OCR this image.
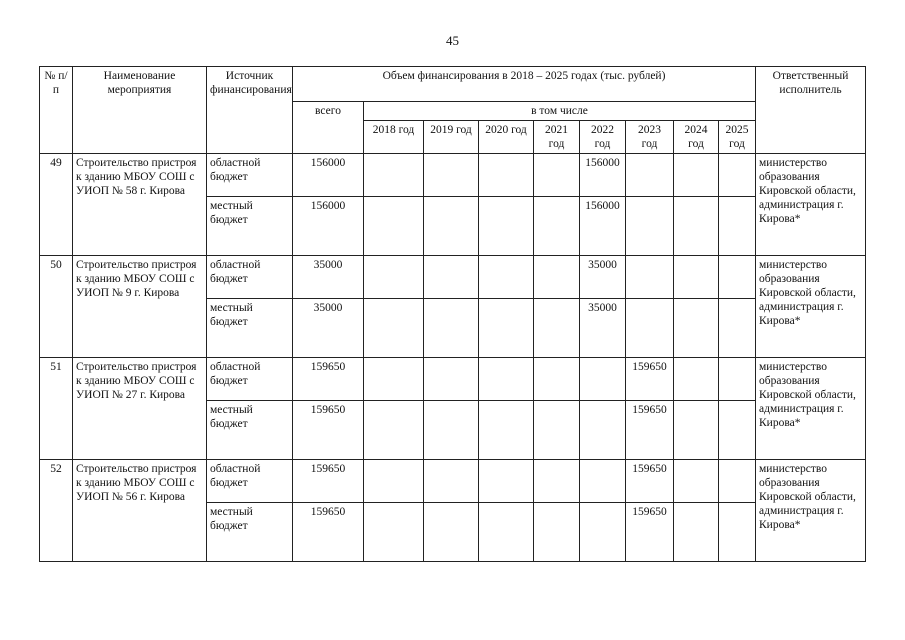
45
№ п/п	Наименование мероприятия	Источник финансирования	Объем финансирования в 2018 – 2025 годах (тыс. рублей)									Ответственный исполнитель
			всего	в том числе								
				2018 год	2019 год	2020 год	2021 год	2022 год	2023 год	2024 год	2025 год	
49	Строительство пристроя к зданию МБОУ СОШ с УИОП № 58 г. Кирова	областной бюджет	156000					156000				министерство образования Кировской области, администрация г. Кирова*
		местный бюджет	156000					156000				
50	Строительство пристроя к зданию МБОУ СОШ с УИОП № 9 г. Кирова	областной бюджет	35000					35000				министерство образования Кировской области, администрация г. Кирова*
		местный бюджет	35000					35000				
51	Строительство пристроя к зданию МБОУ СОШ с УИОП № 27 г. Кирова	областной бюджет	159650						159650			министерство образования Кировской области, администрация г. Кирова*
		местный бюджет	159650						159650			
52	Строительство пристроя к зданию МБОУ СОШ с УИОП № 56 г. Кирова	областной бюджет	159650						159650			министерство образования Кировской области, администрация г. Кирова*
		местный бюджет	159650						159650			
